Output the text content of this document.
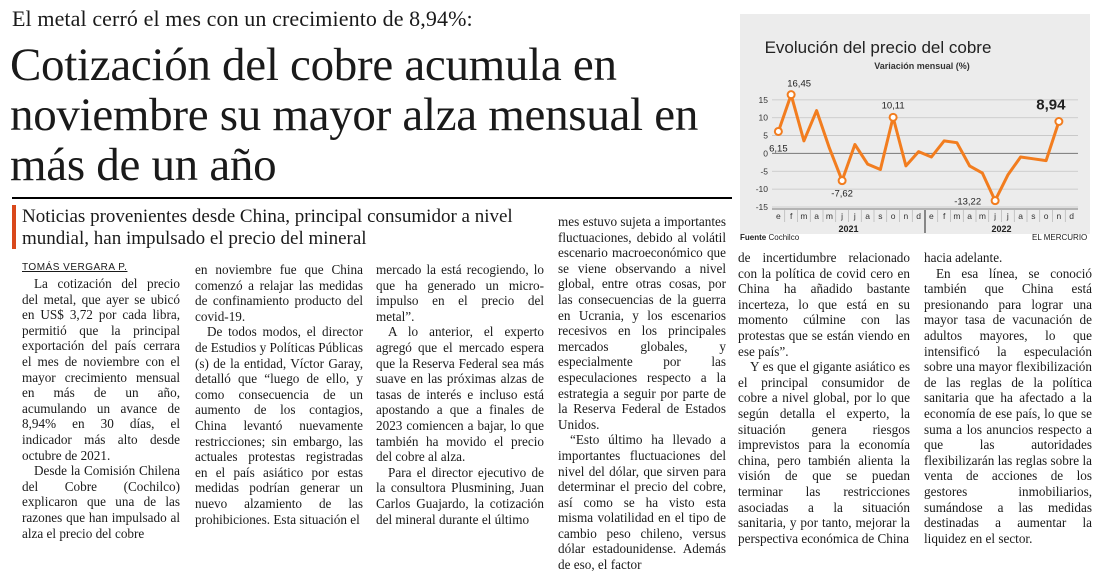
El metal cerró el mes con un crecimiento de 8,94%:
Cotización del cobre acumula en noviembre su mayor alza mensual en más de un año
Noticias provenientes desde China, principal consumidor a nivel mundial, han impulsado el precio del mineral
TOMÁS VERGARA P.

La cotización del precio del metal, que ayer se ubicó en US$ 3,72 por cada libra, permitió que la principal exportación del país cerrara el mes de noviembre con el mayor crecimiento mensual en más de un año, acumulando un avance de 8,94% en 30 días, el indicador más alto desde octubre de 2021.

Desde la Comisión Chilena del Cobre (Cochilco) explicaron que una de las razones que han impulsado al alza el precio del cobre

en noviembre fue que China comenzó a relajar las medidas de confinamiento producto del covid-19.

De todos modos, el director de Estudios y Políticas Públicas (s) de la entidad, Víctor Garay, detalló que “luego de ello, y como consecuencia de un aumento de los contagios, China levantó nuevamente restricciones; sin embargo, las actuales protestas registradas en el país asiático por estas medidas podrían generar un nuevo alzamiento de las prohibiciones. Esta situación el

mercado la está recogiendo, lo que ha generado un microimpulso en el precio del metal”.

A lo anterior, el experto agregó que el mercado espera que la Reserva Federal sea más suave en las próximas alzas de tasas de interés e incluso está apostando a que a finales de 2023 comiencen a bajar, lo que también ha movido el precio del cobre al alza.

Para el director ejecutivo de la consultora Plusmining, Juan Carlos Guajardo, la cotización del mineral durante el último

mes estuvo sujeta a importantes fluctuaciones, debido al volátil escenario macroeconómico que se viene observando a nivel global, entre otras cosas, por las consecuencias de la guerra en Ucrania, y los escenarios recesivos en los principales mercados globales, y especialmente por las especulaciones respecto a la estrategia a seguir por parte de la Reserva Federal de Estados Unidos.

“Esto último ha llevado a importantes fluctuaciones del nivel del dólar, que sirven para determinar el precio del cobre, así como se ha visto esta misma volatilidad en el tipo de cambio peso chileno, versus dólar estadounidense. Además de eso, el factor

de incertidumbre relacionado con la política de covid cero en China ha añadido bastante incerteza, lo que está en su momento cúlmine con las protestas que se están viendo en ese país”.

Y es que el gigante asiático es el principal consumidor de cobre a nivel global, por lo que según detalla el experto, la situación genera riesgos imprevistos para la economía china, pero también alienta la visión de que se puedan terminar las restricciones asociadas a la situación sanitaria, y por tanto, mejorar la perspectiva económica de China

hacia adelante.

En esa línea, se conoció también que China está presionando para lograr una mayor tasa de vacunación de adultos mayores, lo que intensificó la especulación sobre una mayor flexibilización de las reglas de la política sanitaria que ha afectado a la economía de ese país, lo que se suma a los anuncios respecto a que las autoridades flexibilizarán las reglas sobre la venta de acciones de los gestores inmobiliarios, sumándose a las medidas destinadas a aumentar la liquidez en el sector.

Evolución del precio del cobre
Variación mensual (%)
-15
-10
-5
0
5
10
15
e f m a m j j a s o n d e f m a m j j a s o n d
2021	2022
6,15
16,45
-7,62
10,11
-13,22
8,94
Fuente Cochilco	EL MERCURIO
